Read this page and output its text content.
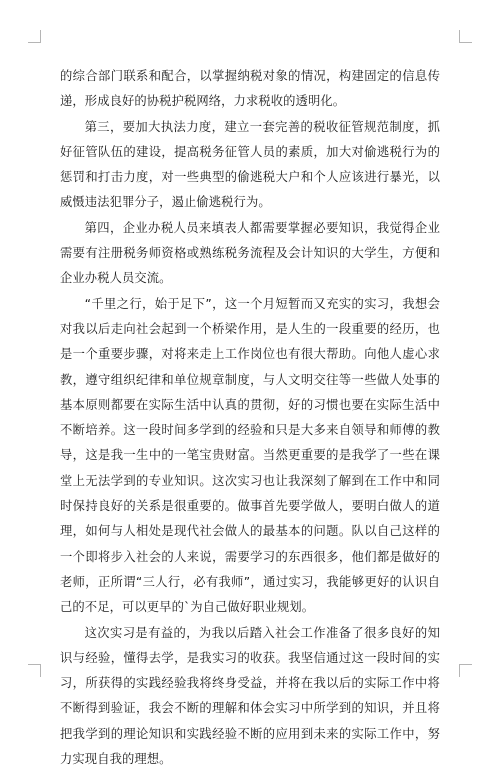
的综合部门联系和配合，以掌握纳税对象的情况，构建固定的信息传递，形成良好的协税护税网络，力求税收的透明化。

第三，要加大执法力度，建立一套完善的税收征管规范制度，抓好征管队伍的建设，提高税务征管人员的素质，加大对偷逃税行为的惩罚和打击力度，对一些典型的偷逃税大户和个人应该进行暴光，以威慑违法犯罪分子，遏止偷逃税行为。

第四，企业办税人员来填表人都需要掌握必要知识，我觉得企业需要有注册税务师资格或熟练税务流程及会计知识的大学生，方便和企业办税人员交流。

“千里之行，始于足下”，这一个月短暂而又充实的实习，我想会对我以后走向社会起到一个桥梁作用，是人生的一段重要的经历，也是一个重要步骤，对将来走上工作岗位也有很大帮助。向他人虚心求教，遵守组织纪律和单位规章制度，与人文明交往等一些做人处事的基本原则都要在实际生活中认真的贯彻，好的习惯也要在实际生活中不断培养。这一段时间多学到的经验和只是大多来自领导和师傅的教导，这是我一生中的一笔宝贵财富。当然更重要的是我学了一些在课堂上无法学到的专业知识。这次实习也让我深刻了解到在工作中和同时保持良好的关系是很重要的。做事首先要学做人，要明白做人的道理，如何与人相处是现代社会做人的最基本的问题。队以自己这样的一个即将步入社会的人来说，需要学习的东西很多，他们都是做好的老师，正所谓“三人行，必有我师”，通过实习，我能够更好的认识自己的不足，可以更早的`为自己做好职业规划。

这次实习是有益的，为我以后踏入社会工作准备了很多良好的知识与经验，懂得去学，是我实习的收获。我坚信通过这一段时间的实习，所获得的实践经验我将终身受益，并将在我以后的实际工作中将不断得到验证，我会不断的理解和体会实习中所学到的知识，并且将把我学到的理论知识和实践经验不断的应用到未来的实际工作中，努力实现自我的理想。
